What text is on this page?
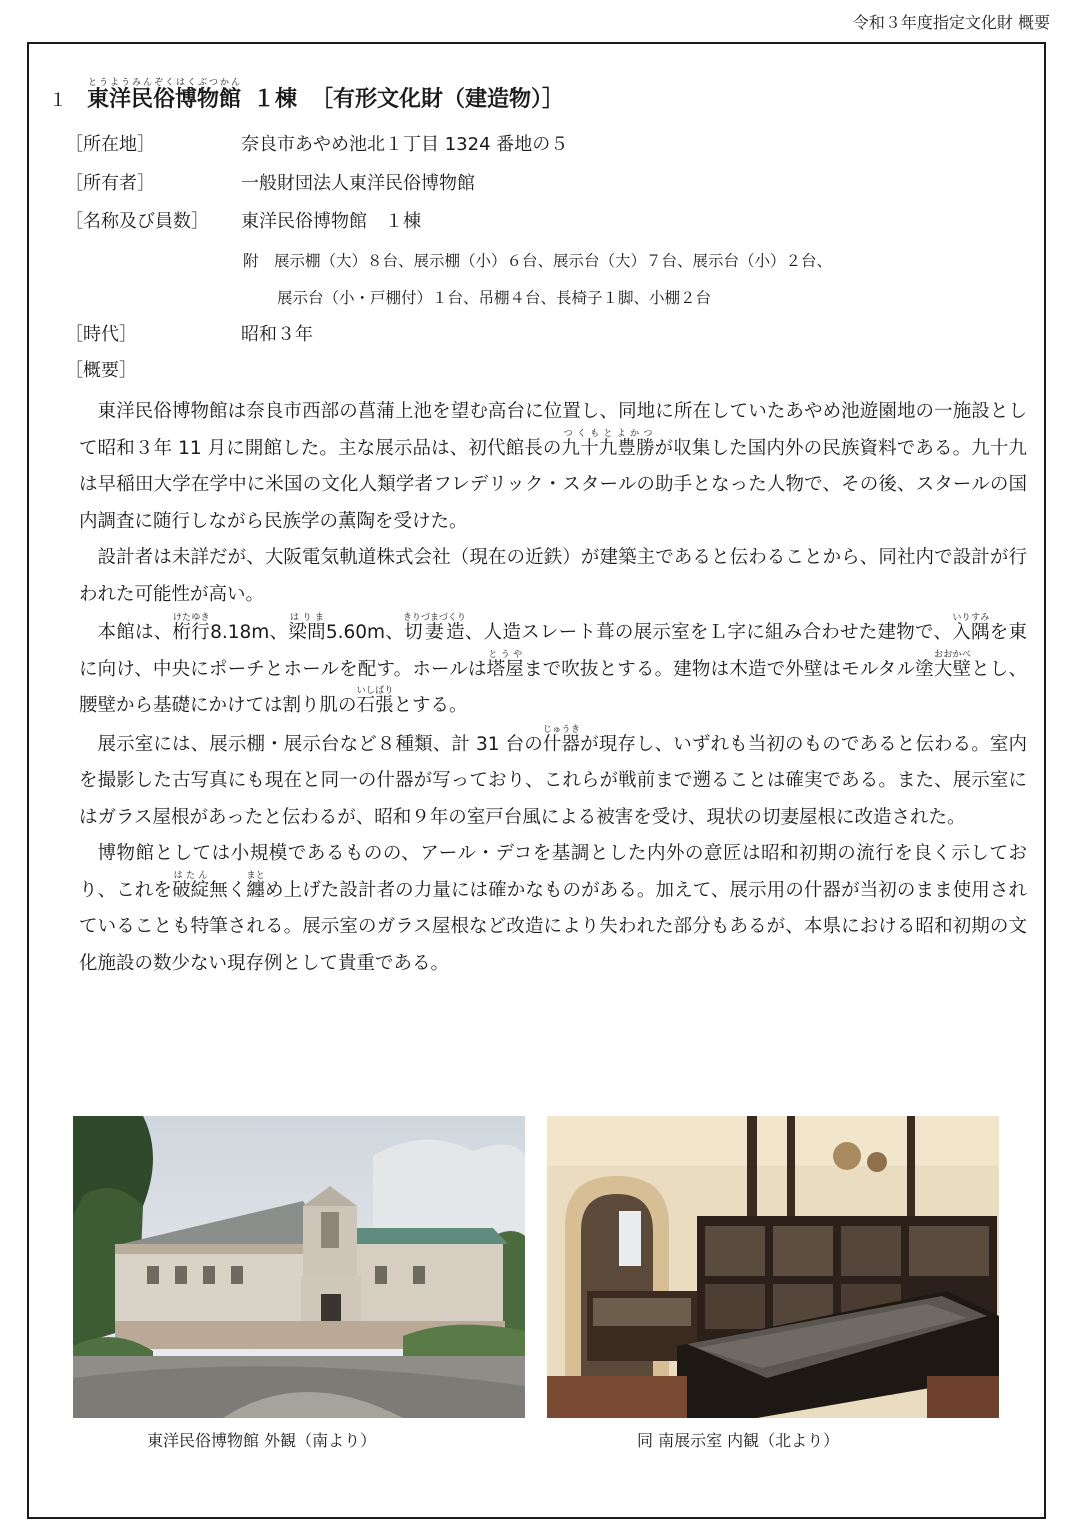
令和３年度指定文化財 概要
１ 東洋民俗博物館とうようみんぞくはくぶつかん１棟 ［有形文化財（建造物）］
［所在地］	奈良市あやめ池北１丁目 1324 番地の５
［所有者］	一般財団法人東洋民俗博物館
［名称及び員数］ 東洋民俗博物館　１棟
附　展示棚（大）８台、展示棚（小）６台、展示台（大）７台、展示台（小）２台、
展示台（小・戸棚付）１台、吊棚４台、長椅子１脚、小棚２台
［時代］	昭和３年
［概要］

東洋民俗博物館は奈良市西部の菖蒲上池を望む高台に位置し、同地に所在していたあやめ池遊園地の一施設として昭和３年 11 月に開館した。主な展示品は、初代館長の九十九豊勝つくもとよかつが収集した国内外の民族資料である。九十九は早稲田大学在学中に米国の文化人類学者フレデリック・スタールの助手となった人物で、その後、スタールの国内調査に随行しながら民族学の薫陶を受けた。

設計者は未詳だが、大阪電気軌道株式会社（現在の近鉄）が建築主であると伝わることから、同社内で設計が行われた可能性が高い。

本館は、桁行けたゆき8.18m、梁間はりま5.60m、切妻造きりづまづくり、人造スレート葺の展示室をＬ字に組み合わせた建物で、入隅いりすみを東に向け、中央にポーチとホールを配す。ホールは塔屋とうやまで吹抜とする。建物は木造で外壁はモルタル塗大壁おおかべとし、腰壁から基礎にかけては割り肌の石張いしばりとする。

展示室には、展示棚・展示台など８種類、計 31 台の什器じゅうきが現存し、いずれも当初のものであると伝わる。室内を撮影した古写真にも現在と同一の什器が写っており、これらが戦前まで遡ることは確実である。また、展示室にはガラス屋根があったと伝わるが、昭和９年の室戸台風による被害を受け、現状の切妻屋根に改造された。

博物館としては小規模であるものの、アール・デコを基調とした内外の意匠は昭和初期の流行を良く示しており、これを破綻はたん無く纏まとめ上げた設計者の力量には確かなものがある。加えて、展示用の什器が当初のまま使用されていることも特筆される。展示室のガラス屋根など改造により失われた部分もあるが、本県における昭和初期の文化施設の数少ない現存例として貴重である。

東洋民俗博物館 外観（南より）	同 南展示室 内観（北より）
